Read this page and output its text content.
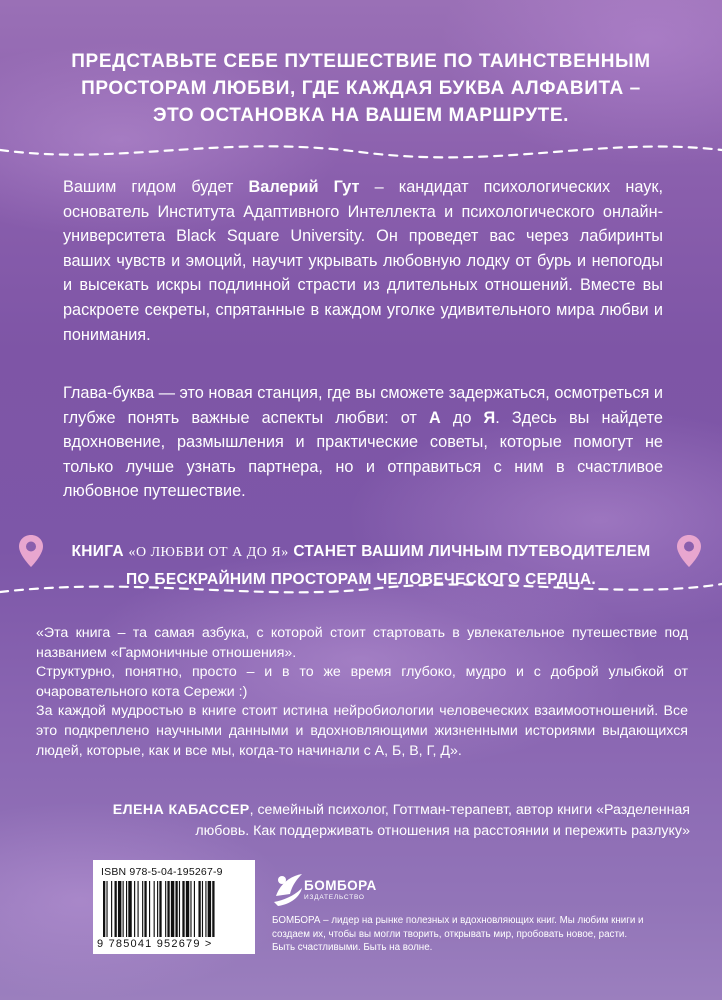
ПРЕДСТАВЬТЕ СЕБЕ ПУТЕШЕСТВИЕ ПО ТАИНСТВЕННЫМ
ПРОСТОРАМ ЛЮБВИ, ГДЕ КАЖДАЯ БУКВА АЛФАВИТА –
ЭТО ОСТАНОВКА НА ВАШЕМ МАРШРУТЕ.
Вашим гидом будет Валерий Гут – кандидат психологических наук, основатель Института Адаптивного Интеллекта и психологического онлайн-университета Black Square University. Он проведет вас через лабиринты ваших чувств и эмоций, научит укрывать любовную лодку от бурь и непогоды и высекать искры подлинной страсти из длительных отношений. Вместе вы раскроете секреты, спрятанные в каждом уголке удивительного мира любви и понимания.
Глава-буква — это новая станция, где вы сможете задержаться, осмотреться и глубже понять важные аспекты любви: от А до Я. Здесь вы найдете вдохновение, размышления и практические советы, которые помогут не только лучше узнать партнера, но и отправиться с ним в счастливое любовное путешествие.
КНИГА «О ЛЮБВИ ОТ А ДО Я» СТАНЕТ ВАШИМ ЛИЧНЫМ ПУТЕВОДИТЕЛЕМ
ПО БЕСКРАЙНИМ ПРОСТОРАМ ЧЕЛОВЕЧЕСКОГО СЕРДЦА.

«Эта книга – та самая азбука, с которой стоит стартовать в увлекательное путешествие под названием «Гармоничные отношения».

Структурно, понятно, просто – и в то же время глубоко, мудро и с доброй улыбкой от очаровательного кота Сережи :)

За каждой мудростью в книге стоит истина нейробиологии человеческих взаимоотношений. Все это подкреплено научными данными и вдохновляющими жизненными историями выдающихся людей, которые, как и все мы, когда-то начинали с А, Б, В, Г, Д».

ЕЛЕНА КАБАССЕР, семейный психолог, Готтман-терапевт, автор книги «Разделенная
любовь. Как поддерживать отношения на расстоянии и пережить разлуку»
ISBN 978-5-04-195267-9
9 785041 952679 >
БОМБОРА
ИЗДАТЕЛЬСТВО
БОМБОРА – лидер на рынке полезных и вдохновляющих книг. Мы любим книги и создаем их, чтобы вы могли творить, открывать мир, пробовать новое, расти. Быть счастливыми. Быть на волне.
